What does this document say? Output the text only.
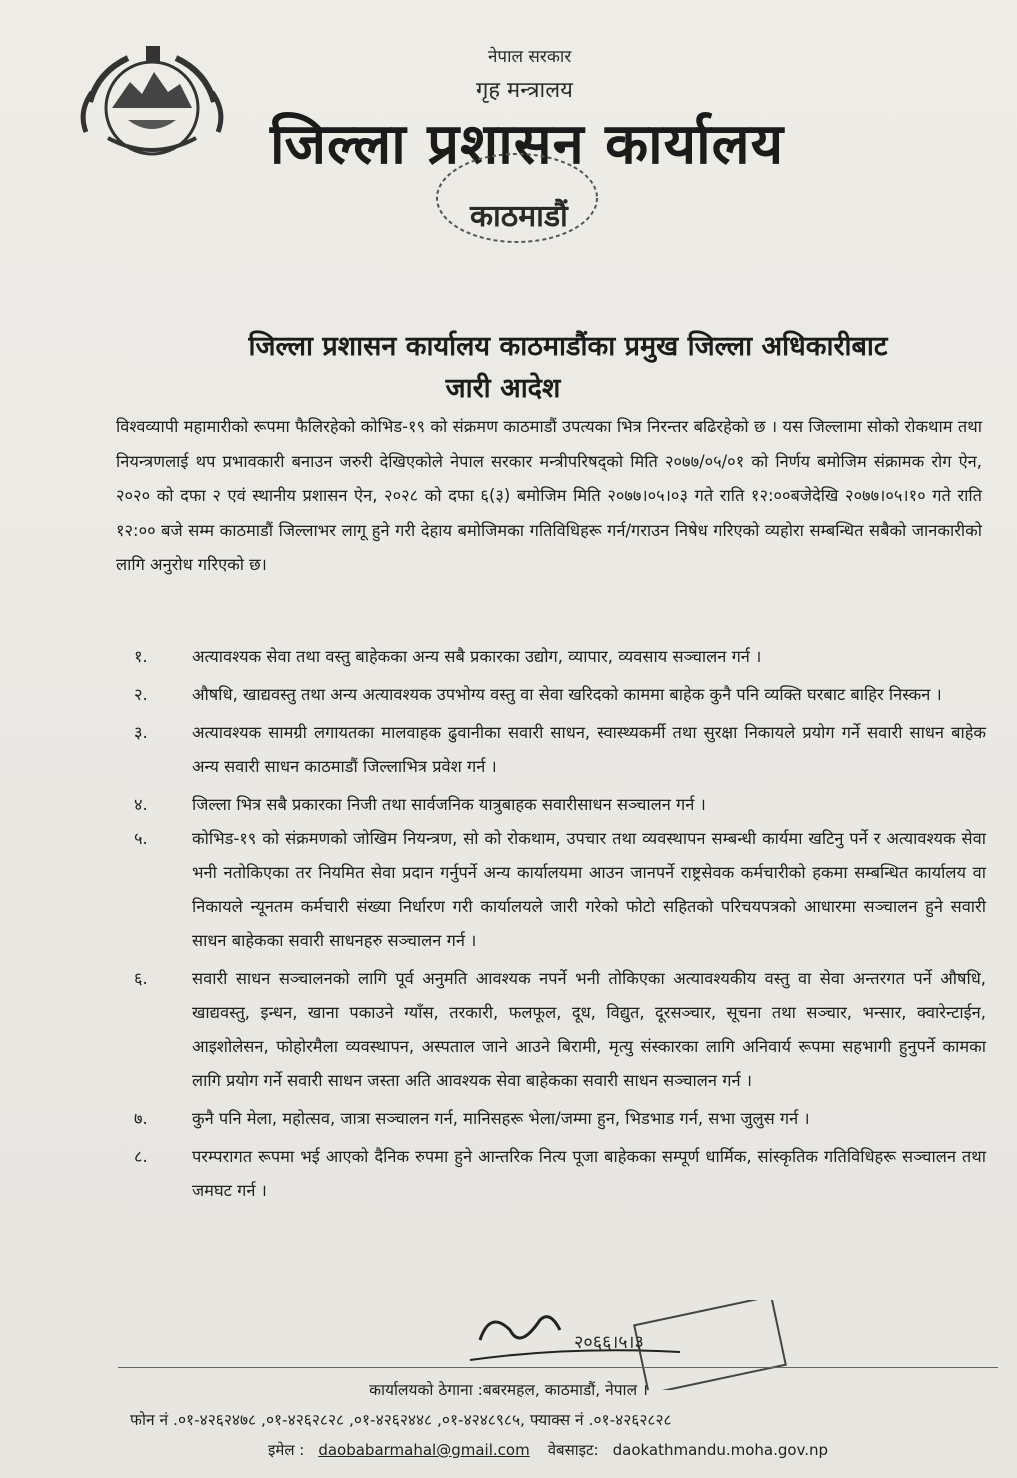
नेपाल सरकार
गृह मन्त्रालय
जिल्ला प्रशासन कार्यालय
काठमाडौं
जिल्ला प्रशासन कार्यालय काठमाडौंका प्रमुख जिल्ला अधिकारीबाट
जारी आदेश
विश्वव्यापी महामारीको रूपमा फैलिरहेको कोभिड-१९ को संक्रमण काठमाडौं उपत्यका भित्र निरन्तर बढिरहेको छ । यस जिल्लामा सोको रोकथाम तथा नियन्त्रणलाई थप प्रभावकारी बनाउन जरुरी देखिएकोले नेपाल सरकार मन्त्रीपरिषद्को मिति २०७७/०५/०१ को निर्णय बमोजिम संक्रामक रोग ऐन, २०२० को दफा २ एवं स्थानीय प्रशासन ऐन, २०२८ को दफा ६(३) बमोजिम मिति २०७७।०५।०३ गते राति १२:००बजेदेखि २०७७।०५।१० गते राति १२:०० बजे सम्म काठमाडौं जिल्लाभर लागू हुने गरी देहाय बमोजिमका गतिविधिहरू गर्न/गराउन निषेध गरिएको व्यहोरा सम्बन्धित सबैको जानकारीको लागि अनुरोध गरिएको छ।
१.	अत्यावश्यक सेवा तथा वस्तु बाहेकका अन्य सबै प्रकारका उद्योग, व्यापार, व्यवसाय सञ्चालन गर्न ।
२.	औषधि, खाद्यवस्तु तथा अन्य अत्यावश्यक उपभोग्य वस्तु वा सेवा खरिदको काममा बाहेक कुनै पनि व्यक्ति घरबाट बाहिर निस्कन ।
३.	अत्यावश्यक सामग्री लगायतका मालवाहक ढुवानीका सवारी साधन, स्वास्थ्यकर्मी तथा सुरक्षा निकायले प्रयोग गर्ने सवारी साधन बाहेक अन्य सवारी साधन काठमाडौं जिल्लाभित्र प्रवेश गर्न ।
४.	जिल्ला भित्र सबै प्रकारका निजी तथा सार्वजनिक यात्रुबाहक सवारीसाधन सञ्चालन गर्न ।
५.	कोभिड-१९ को संक्रमणको जोखिम नियन्त्रण, सो को रोकथाम, उपचार तथा व्यवस्थापन सम्बन्धी कार्यमा खटिनु पर्ने र अत्यावश्यक सेवा भनी नतोकिएका तर नियमित सेवा प्रदान गर्नुपर्ने अन्य कार्यालयमा आउन जानपर्ने राष्ट्रसेवक कर्मचारीको हकमा सम्बन्धित कार्यालय वा निकायले न्यूनतम कर्मचारी संख्या निर्धारण गरी कार्यालयले जारी गरेको फोटो सहितको परिचयपत्रको आधारमा सञ्चालन हुने सवारी साधन बाहेकका सवारी साधनहरु सञ्चालन गर्न ।
६.	सवारी साधन सञ्चालनको लागि पूर्व अनुमति आवश्यक नपर्ने भनी तोकिएका अत्यावश्यकीय वस्तु वा सेवा अन्तरगत पर्ने औषधि, खाद्यवस्तु, इन्धन, खाना पकाउने ग्याँस, तरकारी, फलफूल, दूध, विद्युत, दूरसञ्चार, सूचना तथा सञ्चार, भन्सार, क्वारेन्टाईन, आइशोलेसन, फोहोरमैला व्यवस्थापन, अस्पताल जाने आउने बिरामी, मृत्यु संस्कारका लागि अनिवार्य रूपमा सहभागी हुनुपर्ने कामका लागि प्रयोग गर्ने सवारी साधन जस्ता अति आवश्यक सेवा बाहेकका सवारी साधन सञ्चालन गर्न ।
७.	कुनै पनि मेला, महोत्सव, जात्रा सञ्चालन गर्न, मानिसहरू भेला/जम्मा हुन, भिडभाड गर्न, सभा जुलुस गर्न ।
८.	परम्परागत रूपमा भई आएको दैनिक रुपमा हुने आन्तरिक नित्य पूजा बाहेकका सम्पूर्ण धार्मिक, सांस्कृतिक गतिविधिहरू सञ्चालन तथा जमघट गर्न ।
२०६६।५।३
कार्यालयको ठेगाना :बबरमहल, काठमाडौं, नेपाल ।
फोन नं .०१-४२६२४७८ ,०१-४२६२८२८ ,०१-४२६२४४८ ,०१-४२४८९८५, फ्याक्स नं .०१-४२६२८२८
इमेल : daobabarmahal@gmail.com वेबसाइट: daokathmandu.moha.gov.np
